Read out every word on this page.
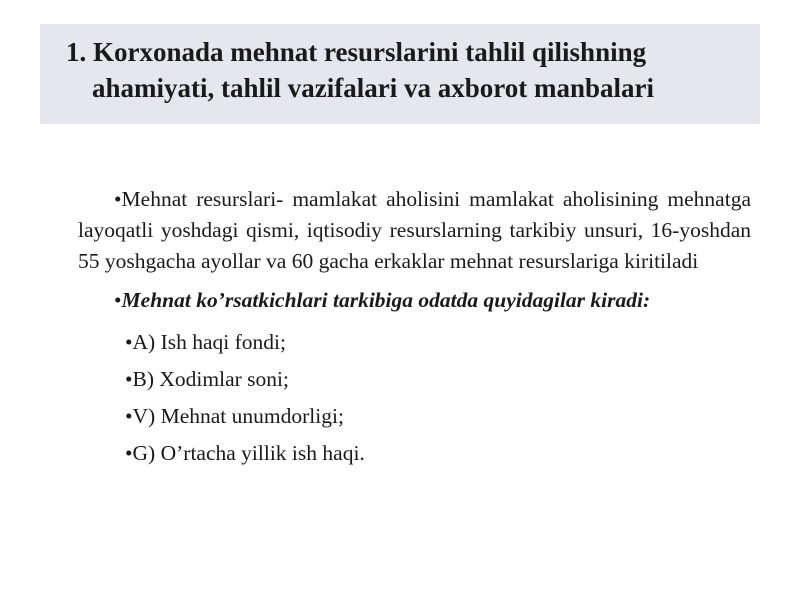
1. Korxonada mehnat resurslarini tahlil qilishning
ahamiyati, tahlil vazifalari va axborot manbalari

•Mehnat resurslari- mamlakat aholisini mamlakat aholisining mehnatga layoqatli yoshdagi qismi, iqtisodiy resurslarning tarkibiy unsuri, 16-yoshdan 55 yoshgacha ayollar va 60 gacha erkaklar mehnat resurslariga kiritiladi

•Mehnat ko’rsatkichlari tarkibiga odatda quyidagilar kiradi:

•A) Ish haqi fondi;
•B) Xodimlar soni;
•V) Mehnat unumdorligi;
•G) O’rtacha yillik ish haqi.
